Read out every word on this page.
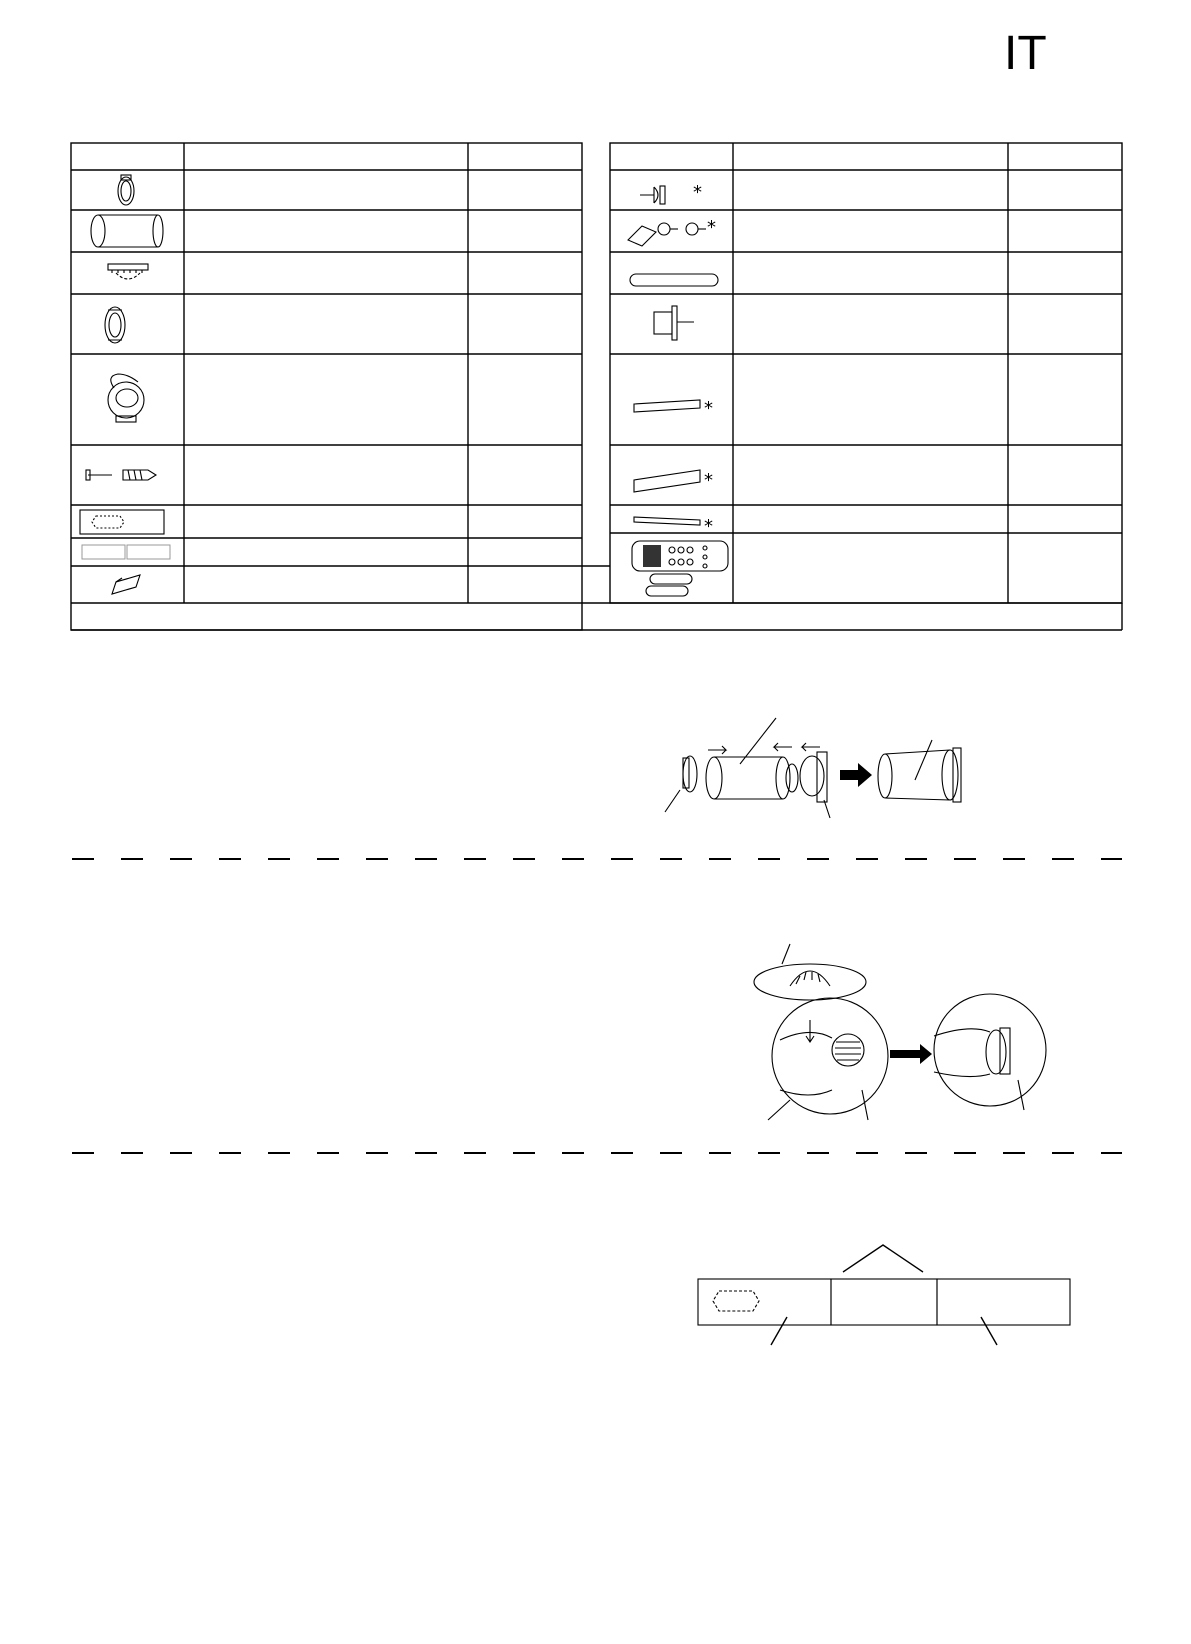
IT
*
*
*
*
*
